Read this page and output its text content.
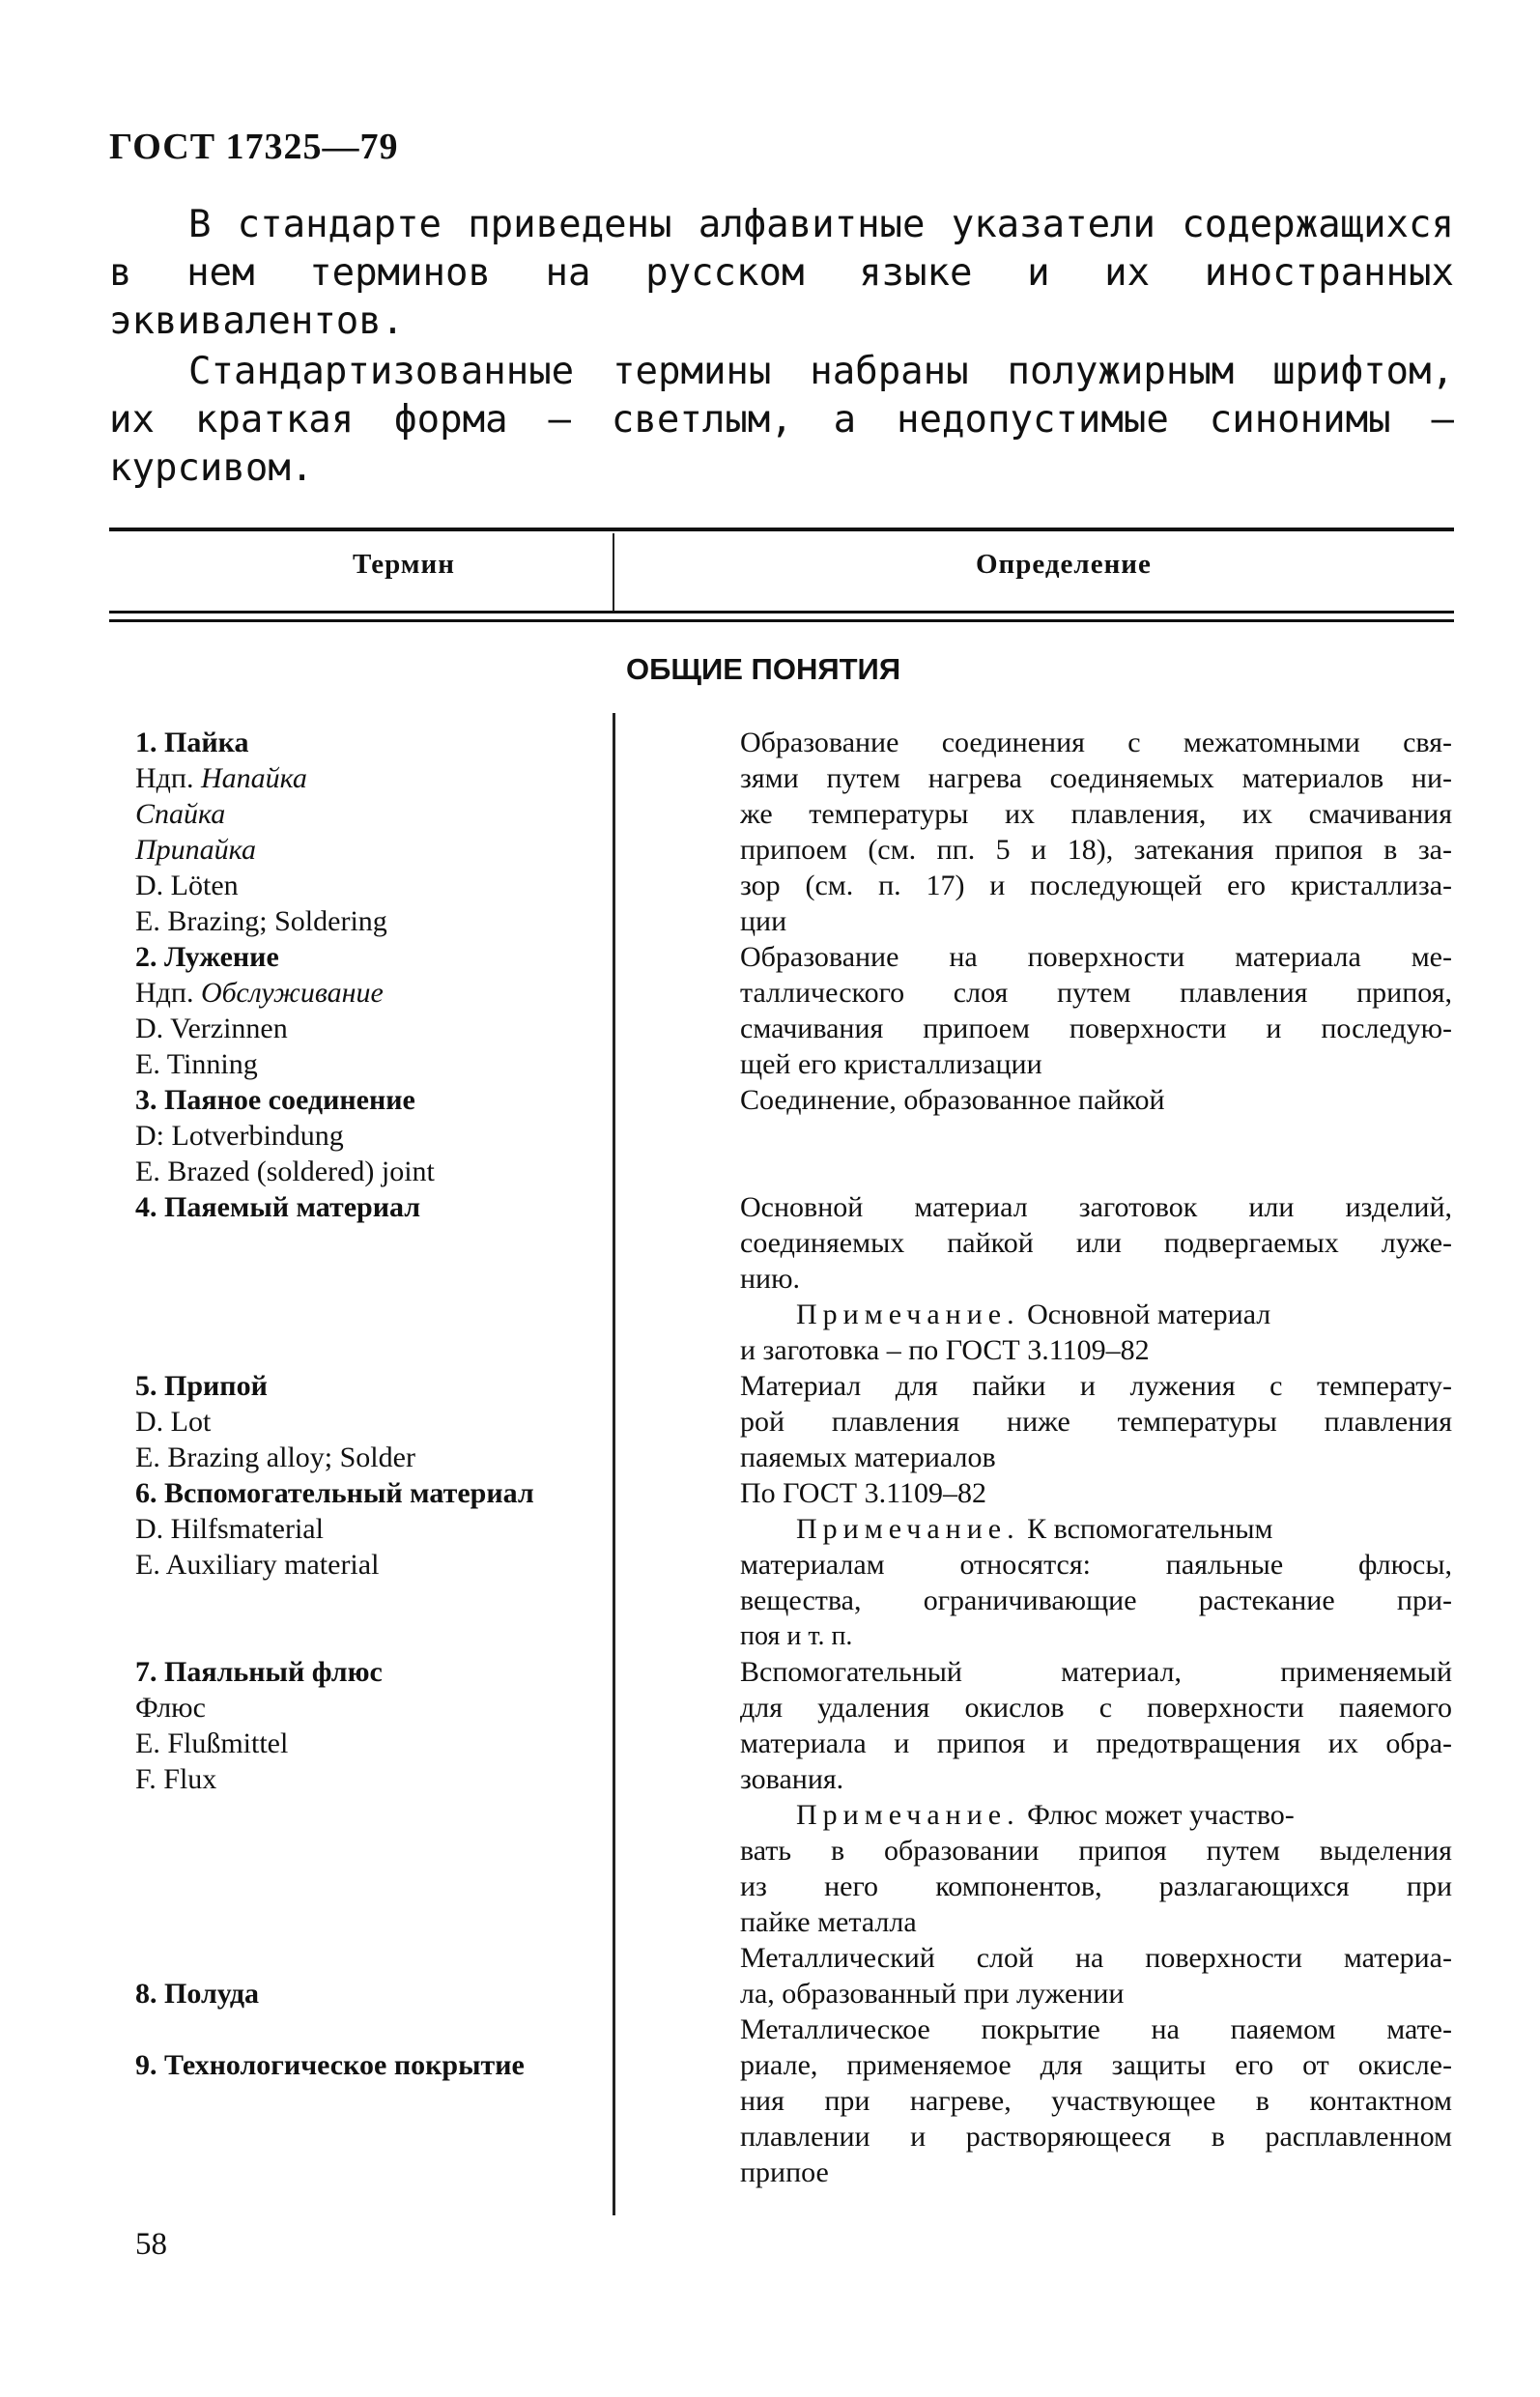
ГОСТ 17325—79

В стандарте приведены алфавитные указатели содержащихся в нем терминов на русском языке и их иностранных эквивалентов.

Стандартизованные термины набраны полужирным шрифтом, их краткая форма — светлым, а недопустимые синонимы — курсивом.

Термин	Определение
ОБЩИЕ ПОНЯТИЯ
1. Пайка
Ндп. Напайка
Спайка
Припайка
D. Löten
E. Brazing; Soldering
2. Лужение
Ндп. Обслуживание
D. Verzinnen
E. Tinning
3. Паяное соединение
D: Lotverbindung
E. Brazed (soldered) joint
4. Паяемый материал
5. Припой
D. Lot
E. Brazing alloy; Solder
6. Вспомогательный материал
D. Hilfsmaterial
E. Auxiliary material
7. Паяльный флюс
Флюс
E. Flußmittel
F. Flux
8. Полуда
9. Технологическое покрытие
Образование соединения с межатомными свя-
зями путем нагрева соединяемых материалов ни-
же температуры их плавления, их смачивания
припоем (см. пп. 5 и 18), затекания припоя в за-
зор (см. п. 17) и последующей его кристаллиза-
ции
Образование на поверхности материала ме-
таллического слоя путем плавления припоя,
смачивания припоем поверхности и последую-
щей его кристаллизации
Соединение, образованное пайкой
Основной материал заготовок или изделий,
соединяемых пайкой или подвергаемых луже-
нию.
Примечание. Основной материал
и заготовка – по ГОСТ 3.1109–82
Материал для пайки и лужения с температу-
рой плавления ниже температуры плавления
паяемых материалов
По ГОСТ 3.1109–82
Примечание. К вспомогательным
материалам относятся: паяльные флюсы,
вещества, ограничивающие растекание при-
поя и т. п.
Вспомогательный материал, применяемый
для удаления окислов с поверхности паяемого
материала и припоя и предотвращения их обра-
зования.
Примечание. Флюс может участво-
вать в образовании припоя путем выделения
из него компонентов, разлагающихся при
пайке металла
Металлический слой на поверхности материа-
ла, образованный при лужении
Металлическое покрытие на паяемом мате-
риале, применяемое для защиты его от окисле-
ния при нагреве, участвующее в контактном
плавлении и растворяющееся в расплавленном
припое
58
